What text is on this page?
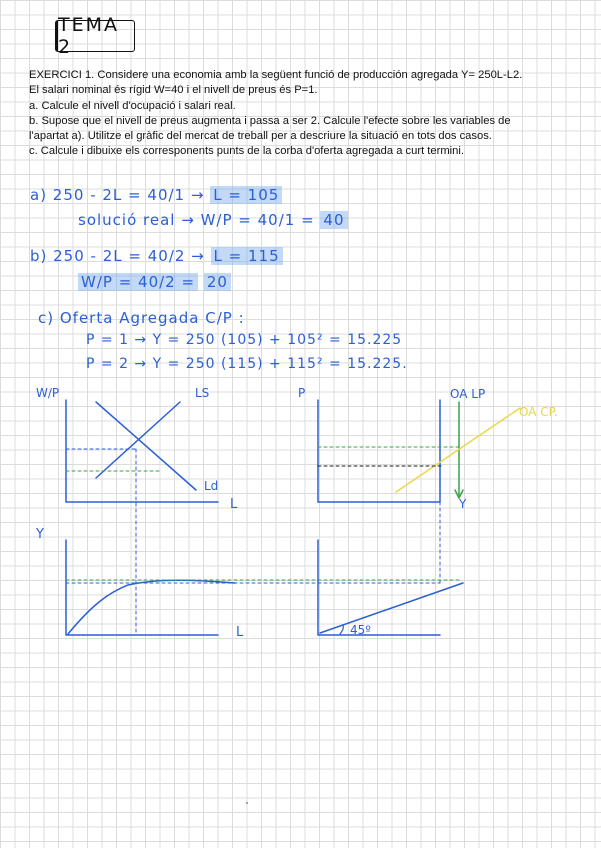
TEMA 2

EXERCICI 1. Considere una economia amb la següent funció de producción agregada Y= 250L-L2.

El salari nominal és rígid W=40 i el nivell de preus és P=1.

a. Calcule el nivell d'ocupació i salari real.

b. Supose que el nivell de preus augmenta i passa a ser 2. Calcule l'efecte sobre les variables de

l'apartat a). Utilitze el gràfic del mercat de treball per a descriure la situació en tots dos casos.

c. Calcule i dibuixe els corresponents punts de la corba d'oferta agregada a curt termini.

a) 250 - 2L = 40/1 → L = 105
solució real → W/P = 40/1 = 40
b) 250 - 2L = 40/2 → L = 115
W/P = 40/2 = 20
c) Oferta Agregada C/P :
P = 1 → Y = 250 (105) + 105² = 15.225
P = 2 → Y = 250 (115) + 115² = 15.225.
W/P	LS
Ld
L
P	OA LP
OA CP.
Y
Y
L	45º
